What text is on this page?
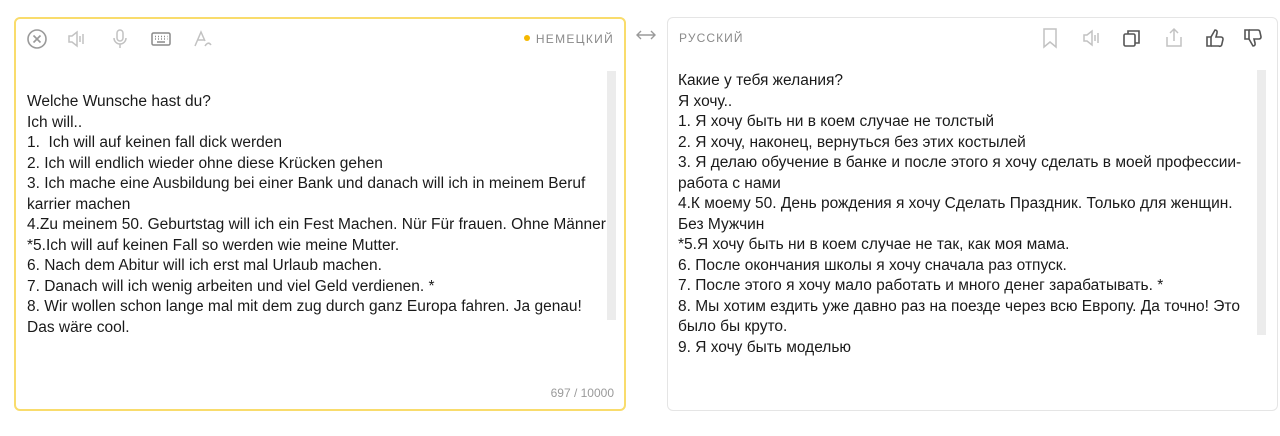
НЕМЕЦКИЙ
Welche Wunsche hast du?
Ich will..
1.  Ich will auf keinen fall dick werden
2. Ich will endlich wieder ohne diese Krücken gehen
3. Ich mache eine Ausbildung bei einer Bank und danach will ich in meinem Beruf karrier machen
4.Zu meinem 50. Geburtstag will ich ein Fest Machen. Nür Für frauen. Ohne Männer
*5.Ich will auf keinen Fall so werden wie meine Mutter.
6. Nach dem Abitur will ich erst mal Urlaub machen.
7. Danach will ich wenig arbeiten und viel Geld verdienen. *
8. Wir wollen schon lange mal mit dem zug durch ganz Europa fahren. Ja genau! Das wäre cool.
697 / 10000
РУССКИЙ
Какие у тебя желания?
Я хочу..
1. Я хочу быть ни в коем случае не толстый
2. Я хочу, наконец, вернуться без этих костылей
3. Я делаю обучение в банке и после этого я хочу сделать в моей профессии-работа с нами
4.К моему 50. День рождения я хочу Сделать Праздник. Только для женщин. Без Мужчин
*5.Я хочу быть ни в коем случае не так, как моя мама.
6. После окончания школы я хочу сначала раз отпуск.
7. После этого я хочу мало работать и много денег зарабатывать. *
8. Мы хотим ездить уже давно раз на поезде через всю Европу. Да точно! Это было бы круто.
9. Я хочу быть моделью
